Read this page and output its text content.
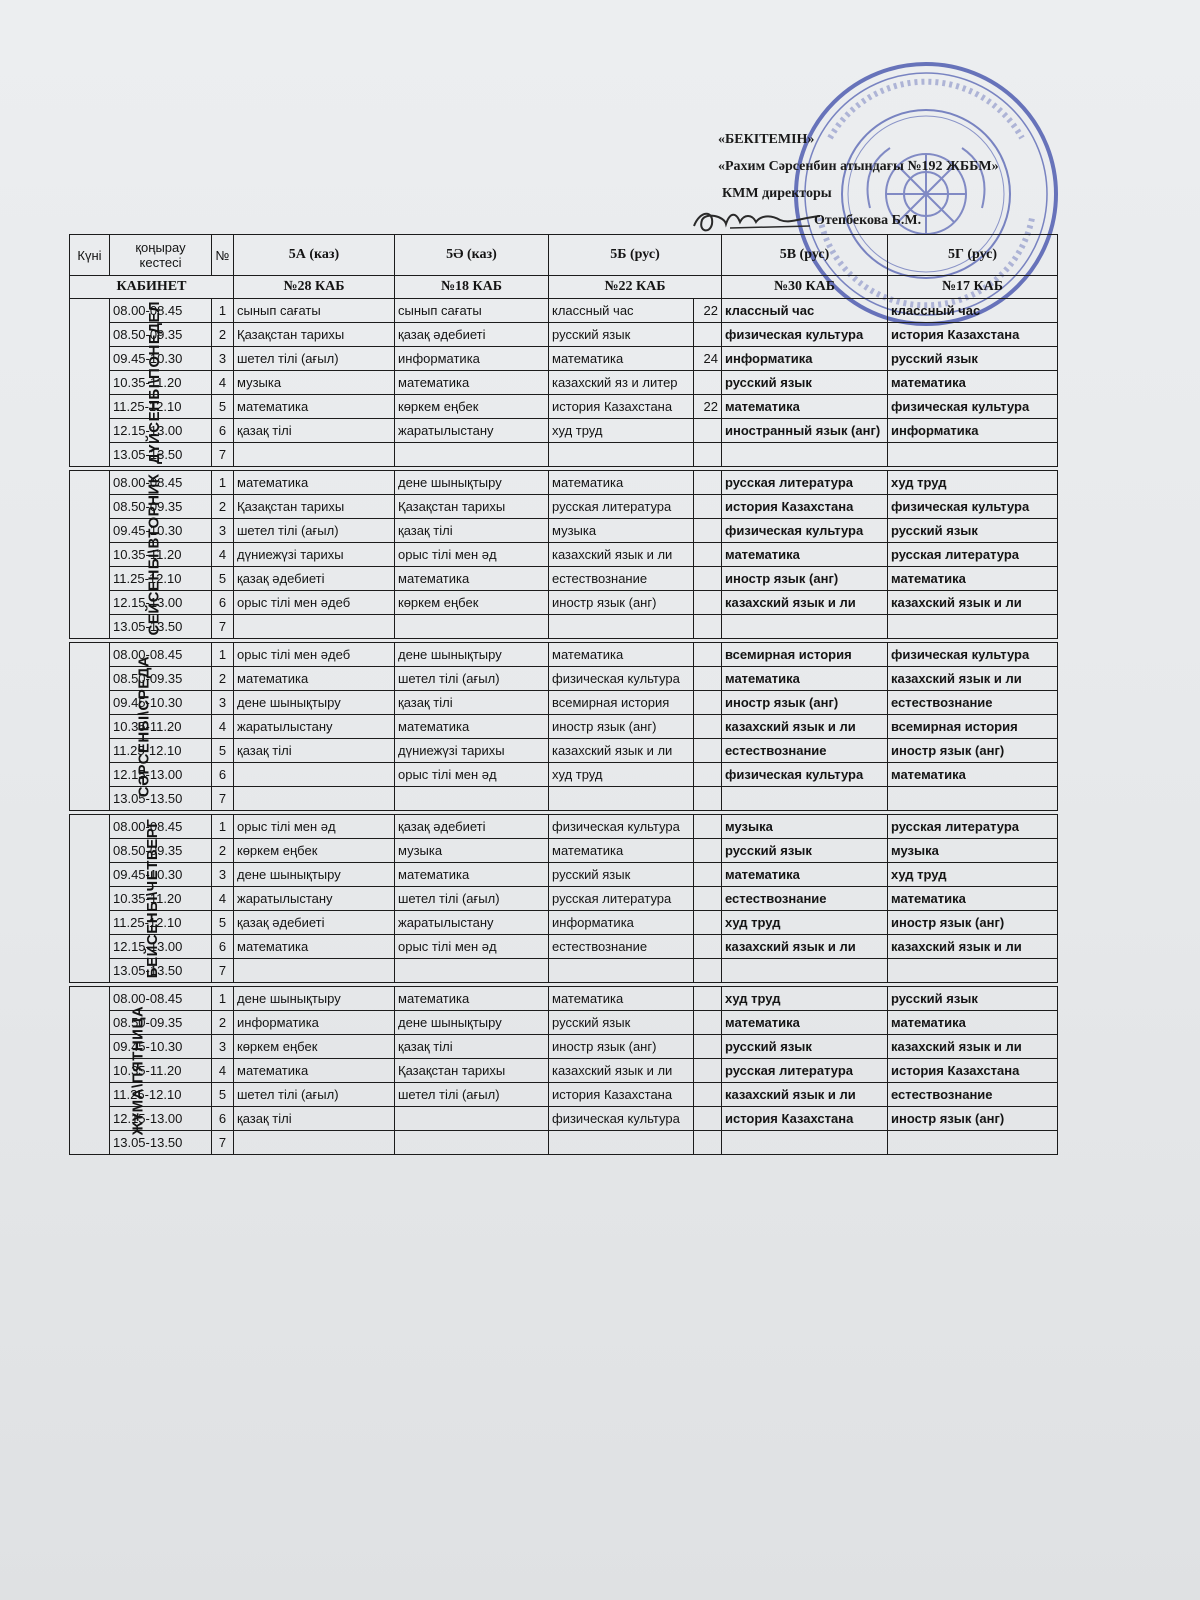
«БЕКІТЕМІН»
«Рахим Сәрсенбин атындағы №192 ЖББМ»
КММ директоры
Отепбекова Б.М.
Күні	қоңырау кестесі	№	5А (каз)	5Ә (каз)	5Б (рус)		5В (рус)	5Г (рус)
КАБИНЕТ			№28 КАБ	№18 КАБ	№22 КАБ		№30 КАБ	№17 КАБ
ДҮЙСЕНБІ\ПОНЕДЕЛ	08.00-08.45	1	сынып сағаты	сынып сағаты	классный час	22	классный час	классный час
	08.50-09.35	2	Қазақстан тарихы	қазақ әдебиеті	русский язык		физическая культура	история Казахстана
	09.45-10.30	3	шетел тілі (ағыл)	информатика	математика	24	информатика	русский язык
	10.35-11.20	4	музыка	математика	казахский яз и литер		русский язык	математика
	11.25-12.10	5	математика	көркем еңбек	история Казахстана	22	математика	физическая культура
	12.15-13.00	6	қазақ тілі	жаратылыстану	худ труд		иностранный язык (анг)	информатика
	13.05-13.50	7						

СЕЙСЕНБІ\ВТОРНИК	08.00-08.45	1	математика	дене шынықтыру	математика		русская литература	худ труд
	08.50-09.35	2	Қазақстан тарихы	Қазақстан тарихы	русская литература		история Казахстана	физическая культура
	09.45-10.30	3	шетел тілі (ағыл)	қазақ тілі	музыка		физическая культура	русский язык
	10.35-11.20	4	дүниежүзі тарихы	орыс тілі мен әд	казахский язык и ли		математика	русская литература
	11.25-12.10	5	қазақ әдебиеті	математика	естествознание		иностр язык (анг)	математика
	12.15-13.00	6	орыс тілі мен әдеб	көркем еңбек	иностр язык (анг)		казахский язык и ли	казахский язык и ли
	13.05-13.50	7						

СӘРСЕНБІ\СРЕДА	08.00-08.45	1	орыс тілі мен әдеб	дене шынықтыру	математика		всемирная история	физическая культура
	08.50-09.35	2	математика	шетел тілі (ағыл)	физическая культура		математика	казахский язык и ли
	09.45-10.30	3	дене шынықтыру	қазақ тілі	всемирная история		иностр язык (анг)	естествознание
	10.35-11.20	4	жаратылыстану	математика	иностр язык (анг)		казахский язык и ли	всемирная история
	11.25-12.10	5	қазақ тілі	дүниежүзі тарихы	казахский язык и ли		естествознание	иностр язык (анг)
	12.15-13.00	6		орыс тілі мен әд	худ труд		физическая культура	математика
	13.05-13.50	7						

БЕЙСЕНБІ\ЧЕТВЕРГ	08.00-08.45	1	орыс тілі мен әд	қазақ әдебиеті	физическая культура		музыка	русская литература
	08.50-09.35	2	көркем еңбек	музыка	математика		русский язык	музыка
	09.45-10.30	3	дене шынықтыру	математика	русский язык		математика	худ труд
	10.35-11.20	4	жаратылыстану	шетел тілі (ағыл)	русская литература		естествознание	математика
	11.25-12.10	5	қазақ әдебиеті	жаратылыстану	информатика		худ труд	иностр язык (анг)
	12.15-13.00	6	математика	орыс тілі мен әд	естествознание		казахский язык и ли	казахский язык и ли
	13.05-13.50	7						

ЖҰМА\ПЯТНИЦА	08.00-08.45	1	дене шынықтыру	математика	математика		худ труд	русский язык
	08.50-09.35	2	информатика	дене шынықтыру	русский язык		математика	математика
	09.45-10.30	3	көркем еңбек	қазақ тілі	иностр язык (анг)		русский язык	казахский язык и ли
	10.35-11.20	4	математика	Қазақстан тарихы	казахский язык и ли		русская литература	история Казахстана
	11.25-12.10	5	шетел тілі (ағыл)	шетел тілі (ағыл)	история Казахстана		казахский язык и ли	естествознание
	12.15-13.00	6	қазақ тілі		физическая культура		история Казахстана	иностр язык (анг)
	13.05-13.50	7						
